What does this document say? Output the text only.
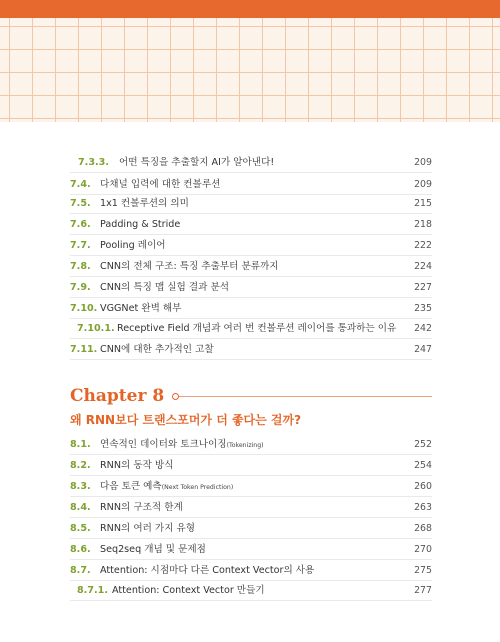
7.3.3.	어떤 특징을 추출할지 AI가 알아낸다!	209
7.4. 다채널 입력에 대한 컨볼루션	209
7.5. 1x1 컨볼루션의 의미	215
7.6. Padding & Stride	218
7.7. Pooling 레이어	222
7.8. CNN의 전체 구조: 특징 추출부터 분류까지	224
7.9. CNN의 특징 맵 실험 결과 분석	227
7.10. VGGNet 완벽 해부	235
7.10.1. Receptive Field 개념과 여러 번 컨볼루션 레이어를 통과하는 이유	242
7.11. CNN에 대한 추가적인 고찰	247
Chapter 8
왜 RNN보다 트랜스포머가 더 좋다는 걸까?
8.1. 연속적인 데이터와 토크나이징(Tokenizing)	252
8.2. RNN의 동작 방식	254
8.3. 다음 토큰 예측(Next Token Prediction)	260
8.4. RNN의 구조적 한계	263
8.5. RNN의 여러 가지 유형	268
8.6. Seq2seq 개념 및 문제점	270
8.7. Attention: 시점마다 다른 Context Vector의 사용	275
8.7.1. Attention: Context Vector 만들기	277
